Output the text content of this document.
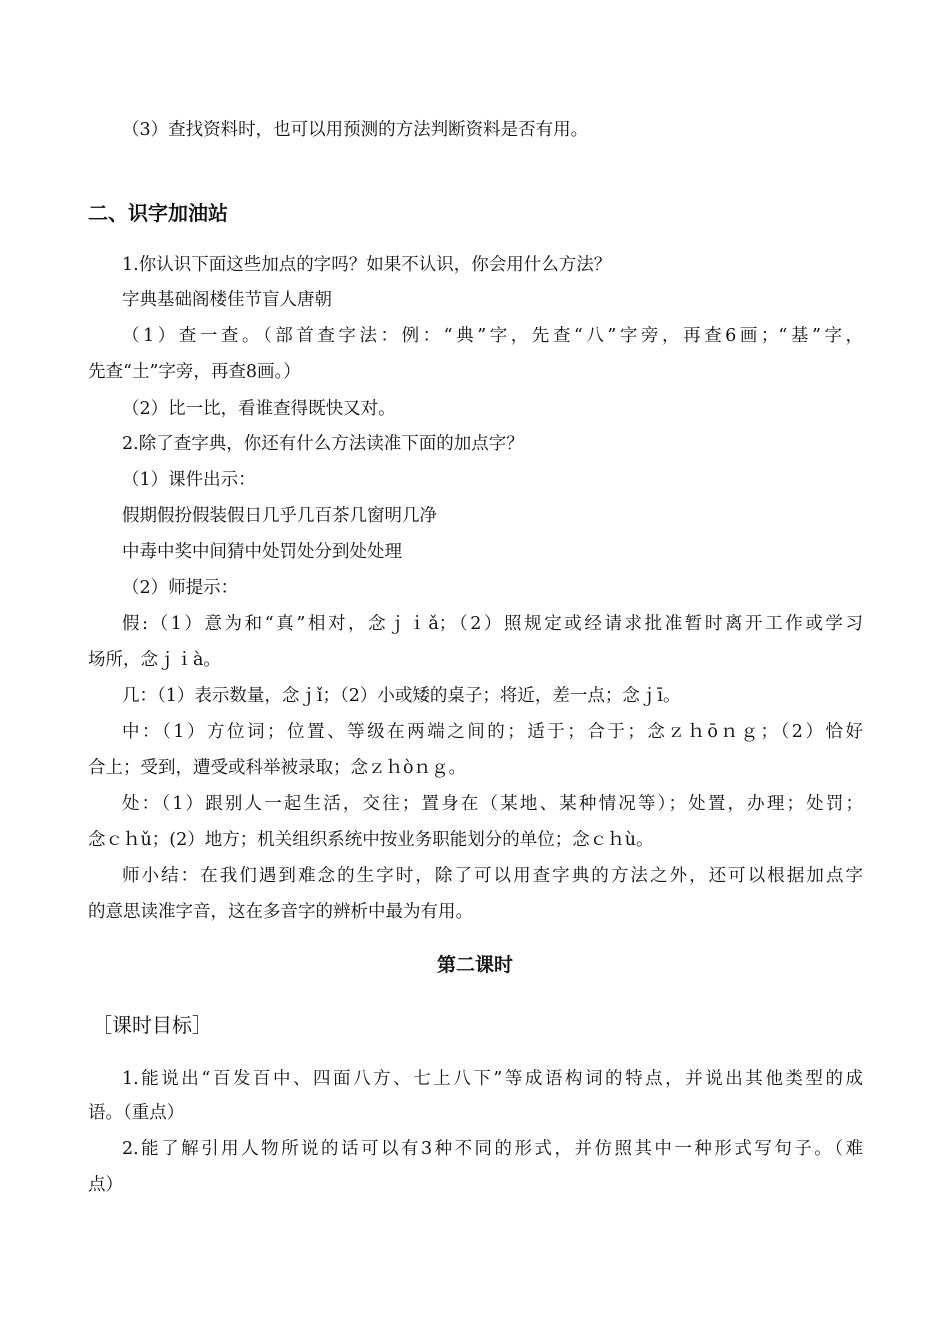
（3）查找资料时，也可以用预测的方法判断资料是否有用。
二、识字加油站
1.你认识下面这些加点的字吗？如果不认识，你会用什么方法？
字典基础阁楼佳节盲人唐朝
（1）查一查。（部首查字法：例：“典”字，先查“八”字旁，再查6画；“基”字，
先查“土”字旁，再查8画。）
（2）比一比，看谁查得既快又对。
2.除了查字典，你还有什么方法读准下面的加点字？
（1）课件出示：
假期假扮假装假日几乎几百茶几窗明几净
中毒中奖中间猜中处罚处分到处处理
（2）师提示：
假:（1）意为和“真”相对，念ｊｉǎ；（2）照规定或经请求批准暂时离开工作或学习
场所，念ｊｉà。
几：（1）表示数量，念ｊǐ；（2）小或矮的桌子；将近，差一点；念ｊī。
中：（1）方位词；位置、等级在两端之间的；适于；合于；念ｚｈōｎｇ；（2）恰好
合上；受到，遭受或科举被录取；念ｚｈòｎｇ。
处：（1）跟别人一起生活，交往；置身在（某地、某种情况等）；处置，办理；处罚；
念ｃｈǔ；(2）地方；机关组织系统中按业务职能划分的单位；念ｃｈù。
师小结：在我们遇到难念的生字时，除了可以用查字典的方法之外，还可以根据加点字
的意思读准字音，这在多音字的辨析中最为有用。
第二课时
［课时目标］
1.能说出“百发百中、四面八方、七上八下”等成语构词的特点，并说出其他类型的成
语。（重点）
2.能了解引用人物所说的话可以有3种不同的形式，并仿照其中一种形式写句子。（难
点）
